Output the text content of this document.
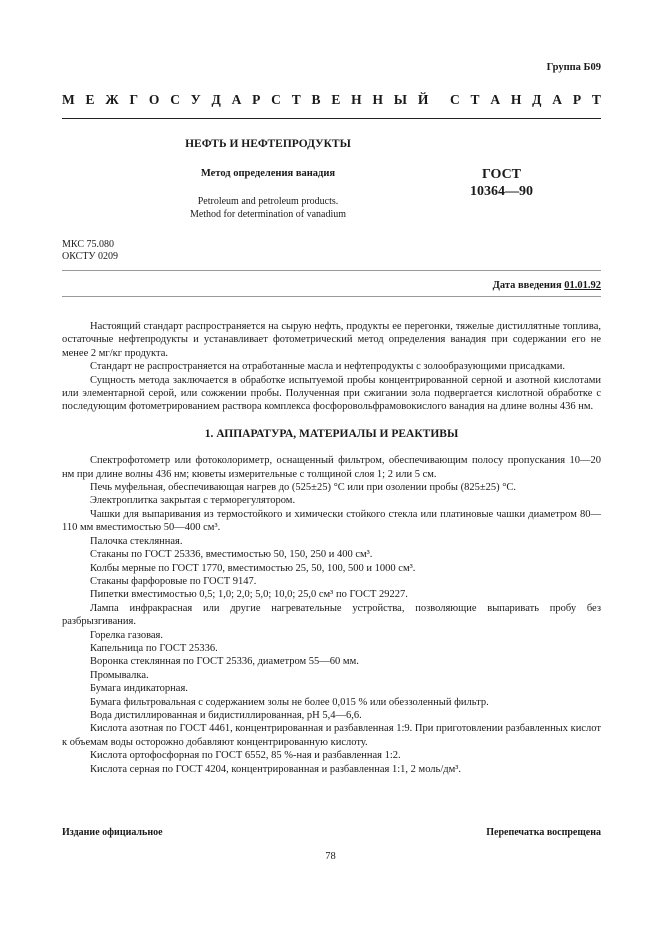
Группа Б09
М Е Ж Г О С У Д А Р С Т В Е Н Н Ы Й С Т А Н Д А Р Т

НЕФТЬ И НЕФТЕПРОДУКТЫ

Метод определения ванадия

Petroleum and petroleum products.
Method for determination of vanadium

ГОСТ
10364—90
МКС 75.080
ОКСТУ 0209
Дата введения 01.01.92

Настоящий стандарт распространяется на сырую нефть, продукты ее перегонки, тяжелые дистиллятные топлива, остаточные нефтепродукты и устанавливает фотометрический метод определения ванадия при содержании его не менее 2 мг/кг продукта.

Стандарт не распространяется на отработанные масла и нефтепродукты с золообразующими присадками.

Сущность метода заключается в обработке испытуемой пробы концентрированной серной и азотной кислотами или элементарной серой, или сожжении пробы. Полученная при сжигании зола подвергается кислотной обработке с последующим фотометрированием раствора комплекса фосфоровольфрамовокислого ванадия на длине волны 436 нм.

1. АППАРАТУРА, МАТЕРИАЛЫ И РЕАКТИВЫ

Спектрофотометр или фотоколориметр, оснащенный фильтром, обеспечивающим полосу пропускания 10—20 нм при длине волны 436 нм; кюветы измерительные с толщиной слоя 1; 2 или 5 см.

Печь муфельная, обеспечивающая нагрев до (525±25) °С или при озолении пробы (825±25) °С.

Электроплитка закрытая с терморегулятором.

Чашки для выпаривания из термостойкого и химически стойкого стекла или платиновые чашки диаметром 80—110 мм вместимостью 50—400 см³.

Палочка стеклянная.

Стаканы по ГОСТ 25336, вместимостью 50, 150, 250 и 400 см³.

Колбы мерные по ГОСТ 1770, вместимостью 25, 50, 100, 500 и 1000 см³.

Стаканы фарфоровые по ГОСТ 9147.

Пипетки вместимостью 0,5; 1,0; 2,0; 5,0; 10,0; 25,0 см³ по ГОСТ 29227.

Лампа инфракрасная или другие нагревательные устройства, позволяющие выпаривать пробу без разбрызгивания.

Горелка газовая.

Капельница по ГОСТ 25336.

Воронка стеклянная по ГОСТ 25336, диаметром 55—60 мм.

Промывалка.

Бумага индикаторная.

Бумага фильтровальная с содержанием золы не более 0,015 % или обеззоленный фильтр.

Вода дистиллированная и бидистиллированная, рН 5,4—6,6.

Кислота азотная по ГОСТ 4461, концентрированная и разбавленная 1:9. При приготовлении разбавленных кислот к объемам воды осторожно добавляют концентрированную кислоту.

Кислота ортофосфорная по ГОСТ 6552, 85 %-ная и разбавленная 1:2.

Кислота серная по ГОСТ 4204, концентрированная и разбавленная 1:1, 2 моль/дм³.

Издание официальное	Перепечатка воспрещена
78
